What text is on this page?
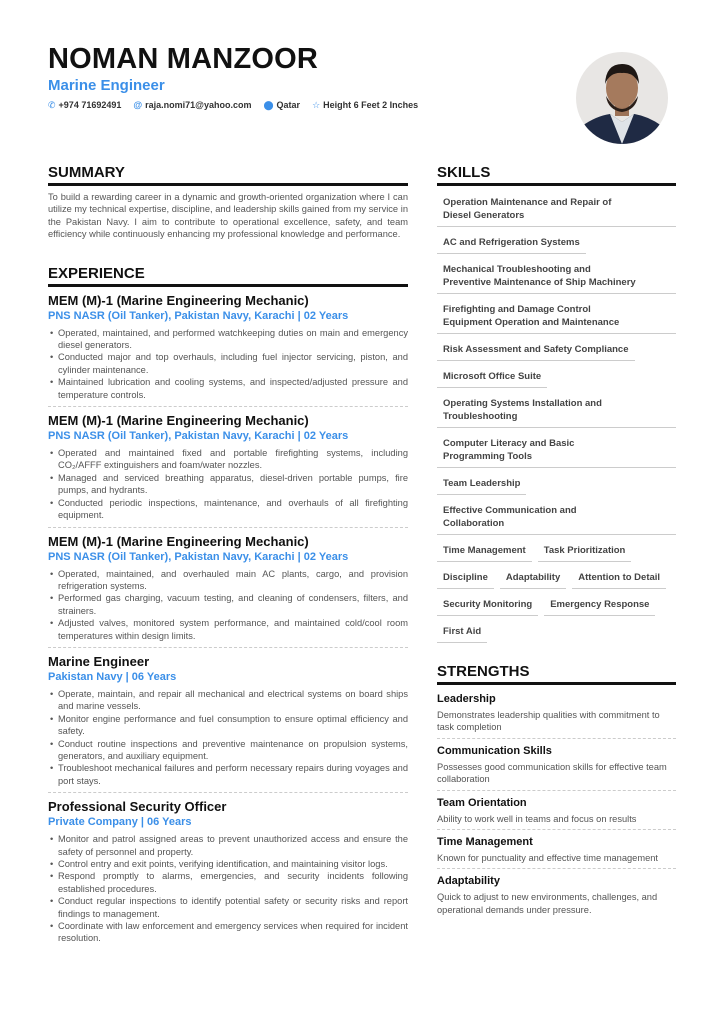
NOMAN MANZOOR
Marine Engineer
✆ +974 71692491 @ raja.nomi71@yahoo.com ⬤ Qatar ☆ Height 6 Feet 2 Inches
SUMMARY

To build a rewarding career in a dynamic and growth-oriented organization where I can utilize my technical expertise, discipline, and leadership skills gained from my service in the Pakistan Navy. I aim to contribute to operational excellence, safety, and team efficiency while continuously enhancing my professional knowledge and performance.

EXPERIENCE
MEM (M)-1 (Marine Engineering Mechanic)
PNS NASR (Oil Tanker), Pakistan Navy, Karachi | 02 Years
• Operated, maintained, and performed watchkeeping duties on main and emergency diesel generators.
• Conducted major and top overhauls, including fuel injector servicing, piston, and cylinder maintenance.
• Maintained lubrication and cooling systems, and inspected/adjusted pressure and temperature controls.
MEM (M)-1 (Marine Engineering Mechanic)
PNS NASR (Oil Tanker), Pakistan Navy, Karachi | 02 Years
• Operated and maintained fixed and portable firefighting systems, including CO₂/AFFF extinguishers and foam/water nozzles.
• Managed and serviced breathing apparatus, diesel-driven portable pumps, fire pumps, and hydrants.
• Conducted periodic inspections, maintenance, and overhauls of all firefighting equipment.
MEM (M)-1 (Marine Engineering Mechanic)
PNS NASR (Oil Tanker), Pakistan Navy, Karachi | 02 Years
• Operated, maintained, and overhauled main AC plants, cargo, and provision refrigeration systems.
• Performed gas charging, vacuum testing, and cleaning of condensers, filters, and strainers.
• Adjusted valves, monitored system performance, and maintained cold/cool room temperatures within design limits.
Marine Engineer
Pakistan Navy | 06 Years
• Operate, maintain, and repair all mechanical and electrical systems on board ships and marine vessels.
• Monitor engine performance and fuel consumption to ensure optimal efficiency and safety.
• Conduct routine inspections and preventive maintenance on propulsion systems, generators, and auxiliary equipment.
• Troubleshoot mechanical failures and perform necessary repairs during voyages and port stays.
Professional Security Officer
Private Company | 06 Years
• Monitor and patrol assigned areas to prevent unauthorized access and ensure the safety of personnel and property.
• Control entry and exit points, verifying identification, and maintaining visitor logs.
• Respond promptly to alarms, emergencies, and security incidents following established procedures.
• Conduct regular inspections to identify potential safety or security risks and report findings to management.
• Coordinate with law enforcement and emergency services when required for incident resolution.
SKILLS
Operation Maintenance and Repair of Diesel Generators
AC and Refrigeration Systems
Mechanical Troubleshooting and Preventive Maintenance of Ship Machinery
Firefighting and Damage Control Equipment Operation and Maintenance
Risk Assessment and Safety Compliance
Microsoft Office Suite
Operating Systems Installation and Troubleshooting
Computer Literacy and Basic Programming Tools
Team Leadership
Effective Communication and Collaboration
Time Management	Task Prioritization
Discipline	Adaptability	Attention to Detail
Security Monitoring	Emergency Response
First Aid
STRENGTHS
Leadership
Demonstrates leadership qualities with commitment to task completion
Communication Skills
Possesses good communication skills for effective team collaboration
Team Orientation
Ability to work well in teams and focus on results
Time Management
Known for punctuality and effective time management
Adaptability
Quick to adjust to new environments, challenges, and operational demands under pressure.
